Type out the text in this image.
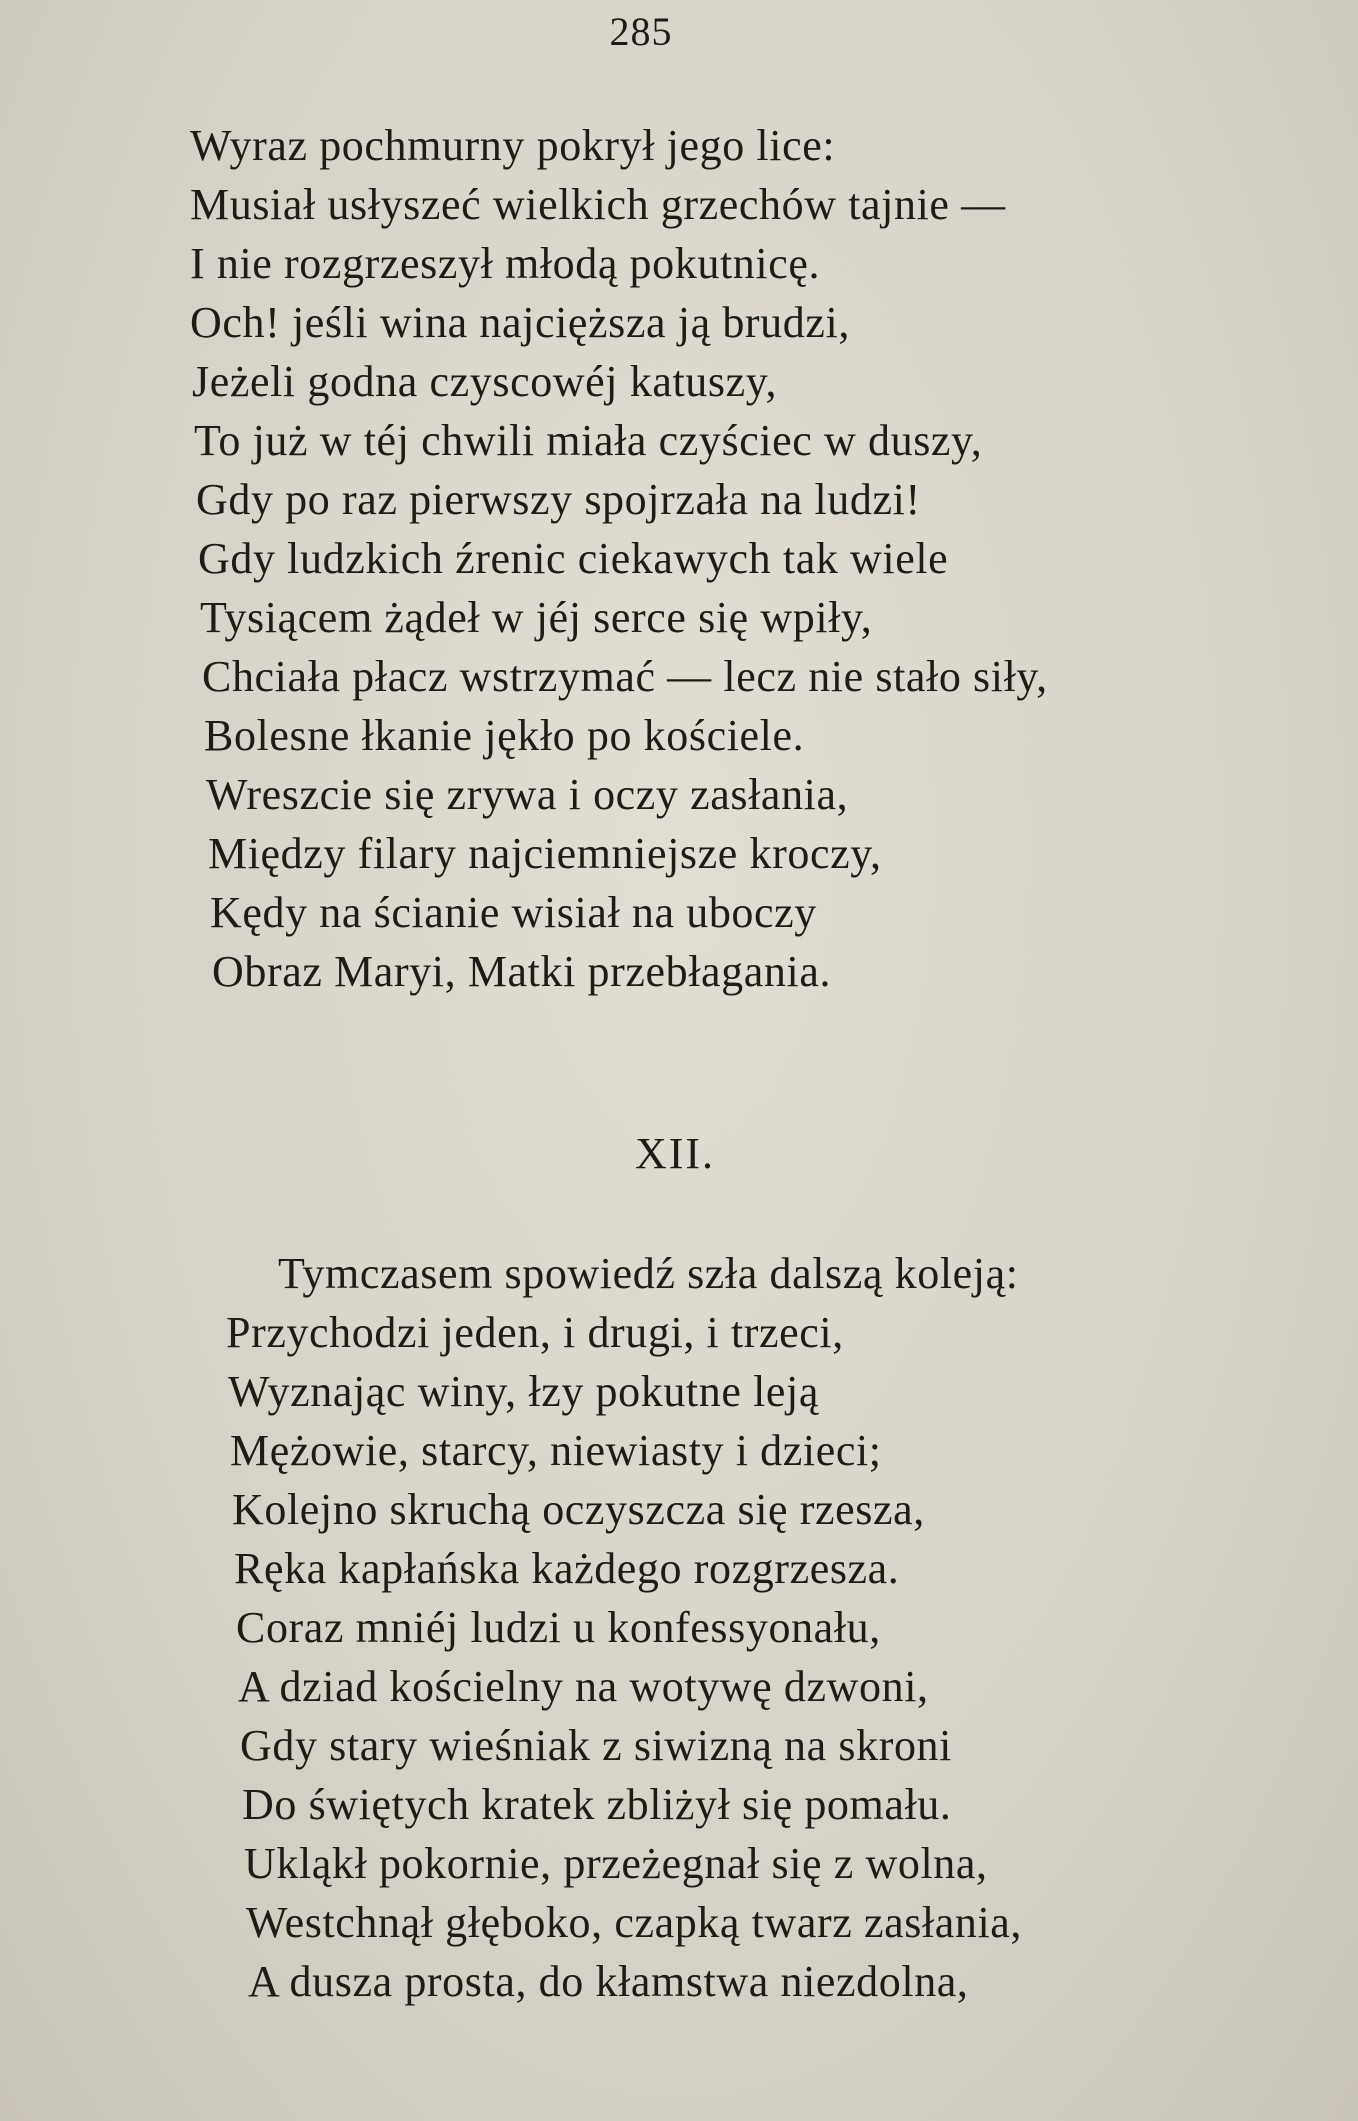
285
Wyraz pochmurny pokrył jego lice:
Musiał usłyszeć wielkich grzechów tajnie —
I nie rozgrzeszył młodą pokutnicę.
Och! jeśli wina najcięższa ją brudzi,
Jeżeli godna czyscowéj katuszy,
To już w téj chwili miała czyściec w duszy,
Gdy po raz pierwszy spojrzała na ludzi!
Gdy ludzkich źrenic ciekawych tak wiele
Tysiącem żądeł w jéj serce się wpiły,
Chciała płacz wstrzymać — lecz nie stało siły,
Bolesne łkanie jękło po kościele.
Wreszcie się zrywa i oczy zasłania,
Między filary najciemniejsze kroczy,
Kędy na ścianie wisiał na uboczy
Obraz Maryi, Matki przebłagania.
XII.
Tymczasem spowiedź szła dalszą koleją:
Przychodzi jeden, i drugi, i trzeci,
Wyznając winy, łzy pokutne leją
Mężowie, starcy, niewiasty i dzieci;
Kolejno skruchą oczyszcza się rzesza,
Ręka kapłańska każdego rozgrzesza.
Coraz mniéj ludzi u konfessyonału,
A dziad kościelny na wotywę dzwoni,
Gdy stary wieśniak z siwizną na skroni
Do świętych kratek zbliżył się pomału.
Ukląkł pokornie, przeżegnał się z wolna,
Westchnął głęboko, czapką twarz zasłania,
A dusza prosta, do kłamstwa niezdolna,
